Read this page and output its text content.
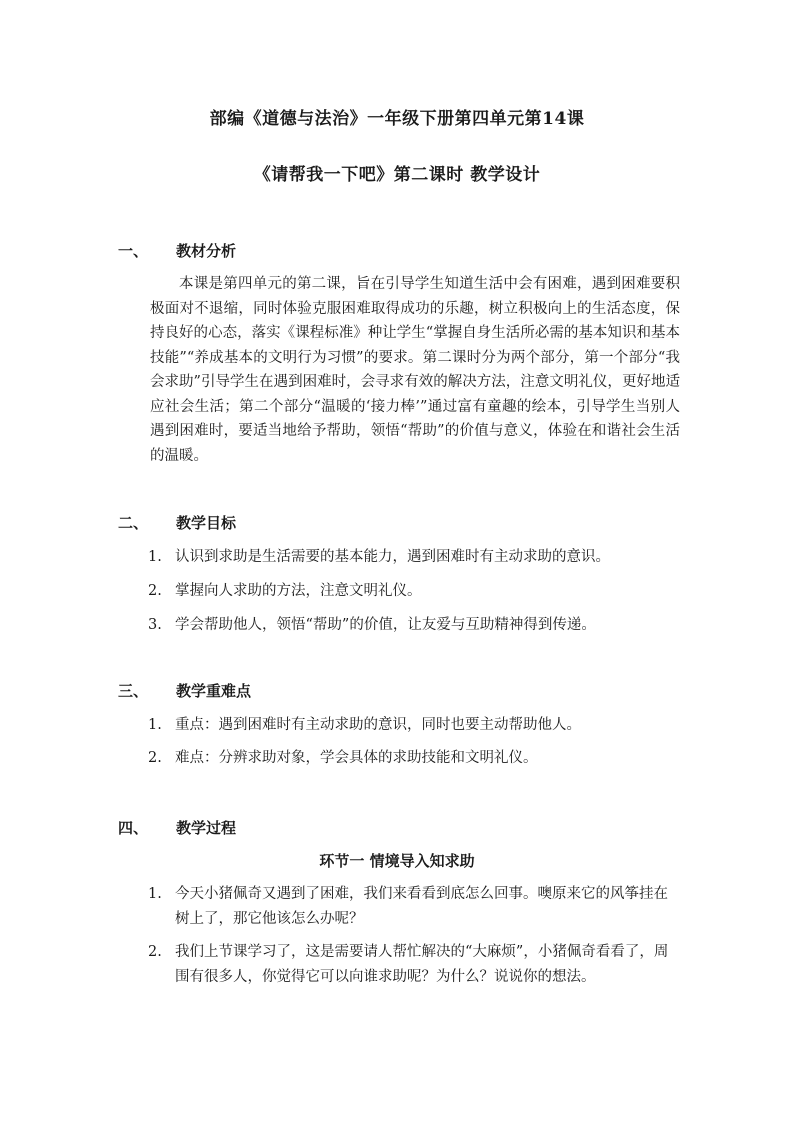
部编《道德与法治》一年级下册第四单元第14课
《请帮我一下吧》第二课时 教学设计
一、 教材分析
本课是第四单元的第二课，旨在引导学生知道生活中会有困难，遇到困难要积极面对不退缩，同时体验克服困难取得成功的乐趣，树立积极向上的生活态度，保持良好的心态，落实《课程标准》种让学生“掌握自身生活所必需的基本知识和基本技能”“养成基本的文明行为习惯”的要求。第二课时分为两个部分，第一个部分“我会求助”引导学生在遇到困难时，会寻求有效的解决方法，注意文明礼仪，更好地适应社会生活；第二个部分“温暖的‘接力棒’”通过富有童趣的绘本，引导学生当别人遇到困难时，要适当地给予帮助，领悟“帮助”的价值与意义，体验在和谐社会生活的温暖。
二、 教学目标
1. 认识到求助是生活需要的基本能力，遇到困难时有主动求助的意识。
2. 掌握向人求助的方法，注意文明礼仪。
3. 学会帮助他人，领悟“帮助”的价值，让友爱与互助精神得到传递。
三、 教学重难点
1. 重点：遇到困难时有主动求助的意识，同时也要主动帮助他人。
2. 难点：分辨求助对象，学会具体的求助技能和文明礼仪。
四、 教学过程
环节一 情境导入知求助
1. 今天小猪佩奇又遇到了困难，我们来看看到底怎么回事。噢原来它的风筝挂在树上了，那它他该怎么办呢？
2. 我们上节课学习了，这是需要请人帮忙解决的“大麻烦”，小猪佩奇看看了，周围有很多人，你觉得它可以向谁求助呢？为什么？说说你的想法。
